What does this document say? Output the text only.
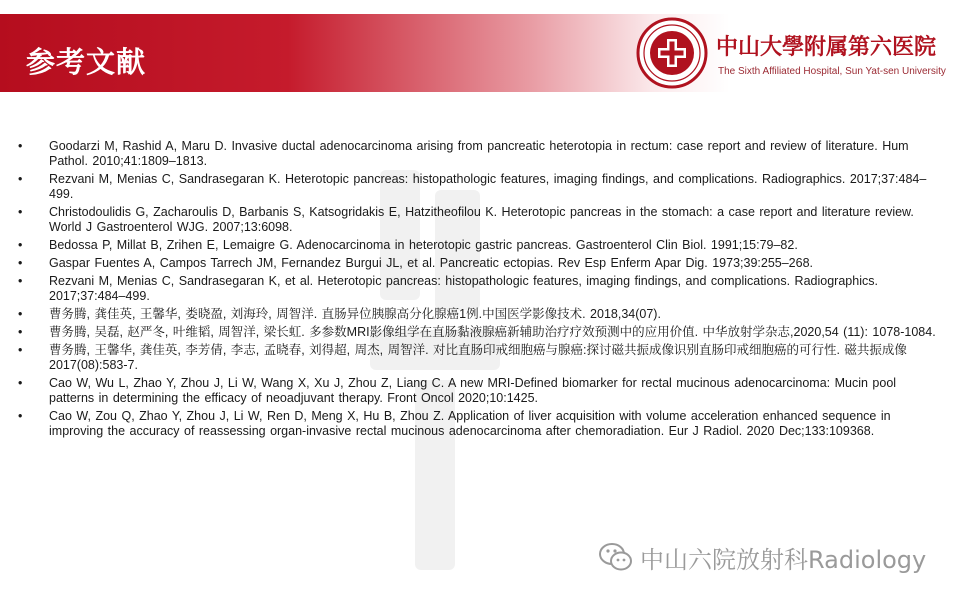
参考文献	中山大學附属第六医院
The Sixth Affiliated Hospital, Sun Yat-sen University
• Goodarzi M, Rashid A, Maru D. Invasive ductal adenocarcinoma arising from pancreatic heterotopia in rectum: case report and review of literature. Hum Pathol. 2010;41:1809–1813.
• Rezvani M, Menias C, Sandrasegaran K. Heterotopic pancreas: histopathologic features, imaging findings, and complications. Radiographics. 2017;37:484–499.
• Christodoulidis G, Zacharoulis D, Barbanis S, Katsogridakis E, Hatzitheofilou K. Heterotopic pancreas in the stomach: a case report and literature review. World J Gastroenterol WJG. 2007;13:6098.
• Bedossa P, Millat B, Zrihen E, Lemaigre G. Adenocarcinoma in heterotopic gastric pancreas. Gastroenterol Clin Biol. 1991;15:79–82.
• Gaspar Fuentes A, Campos Tarrech JM, Fernandez Burgui JL, et al. Pancreatic ectopias. Rev Esp Enferm Apar Dig. 1973;39:255–268.
• Rezvani M, Menias C, Sandrasegaran K, et al. Heterotopic pancreas: histopathologic features, imaging findings, and complications. Radiographics. 2017;37:484–499.
• 曹务腾, 龚佳英, 王馨华, 娄晓盈, 刘海玲, 周智洋. 直肠异位胰腺高分化腺癌1例.中国医学影像技术. 2018,34(07).
• 曹务腾, 吴磊, 赵严冬, 叶维韬, 周智洋, 梁长虹. 多参数MRI影像组学在直肠黏液腺癌新辅助治疗疗效预测中的应用价值. 中华放射学杂志,2020,54 (11): 1078-1084.
• 曹务腾, 王馨华, 龚佳英, 李芳倩, 李志, 孟晓春, 刘得超, 周杰, 周智洋. 对比直肠印戒细胞癌与腺癌:探讨磁共振成像识别直肠印戒细胞癌的可行性. 磁共振成像 2017(08):583-7.
• Cao W, Wu L, Zhao Y, Zhou J, Li W, Wang X, Xu J, Zhou Z, Liang C. A new MRI-Defined biomarker for rectal mucinous adenocarcinoma: Mucin pool patterns in determining the efficacy of neoadjuvant therapy. Front Oncol 2020;10:1425.
• Cao W, Zou Q, Zhao Y, Zhou J, Li W, Ren D, Meng X, Hu B, Zhou Z. Application of liver acquisition with volume acceleration enhanced sequence in improving the accuracy of reassessing organ-invasive rectal mucinous adenocarcinoma after chemoradiation. Eur J Radiol. 2020 Dec;133:109368.
中山六院放射科Radiology
